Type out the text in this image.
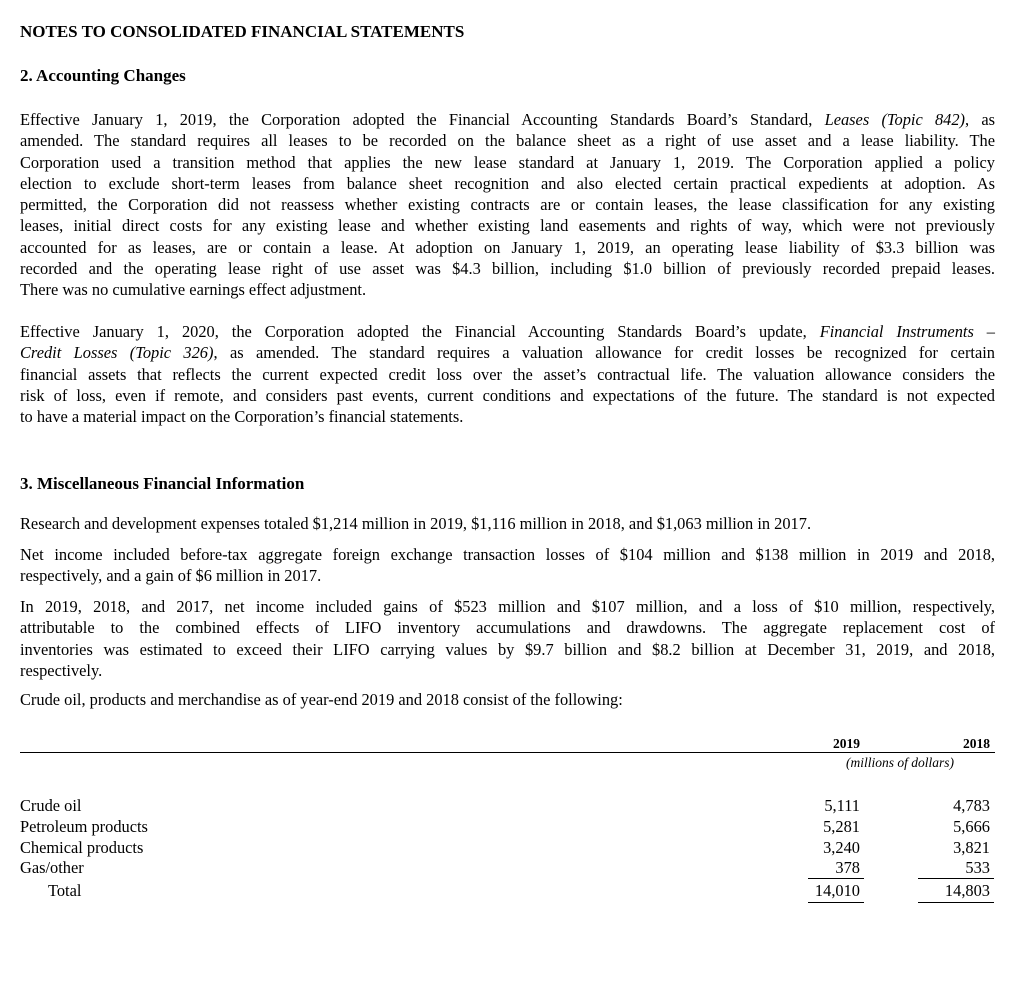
NOTES TO CONSOLIDATED FINANCIAL STATEMENTS
2. Accounting Changes
Effective January 1, 2019, the Corporation adopted the Financial Accounting Standards Board’s Standard, Leases (Topic 842), as
amended. The standard requires all leases to be recorded on the balance sheet as a right of use asset and a lease liability. The
Corporation used a transition method that applies the new lease standard at January 1, 2019. The Corporation applied a policy
election to exclude short-term leases from balance sheet recognition and also elected certain practical expedients at adoption. As
permitted, the Corporation did not reassess whether existing contracts are or contain leases, the lease classification for any existing
leases, initial direct costs for any existing lease and whether existing land easements and rights of way, which were not previously
accounted for as leases, are or contain a lease. At adoption on January 1, 2019, an operating lease liability of $3.3 billion was
recorded and the operating lease right of use asset was $4.3 billion, including $1.0 billion of previously recorded prepaid leases.
There was no cumulative earnings effect adjustment.
Effective January 1, 2020, the Corporation adopted the Financial Accounting Standards Board’s update, Financial Instruments –
Credit Losses (Topic 326), as amended. The standard requires a valuation allowance for credit losses be recognized for certain
financial assets that reflects the current expected credit loss over the asset’s contractual life. The valuation allowance considers the
risk of loss, even if remote, and considers past events, current conditions and expectations of the future. The standard is not expected
to have a material impact on the Corporation’s financial statements.
3. Miscellaneous Financial Information
Research and development expenses totaled $1,214 million in 2019, $1,116 million in 2018, and $1,063 million in 2017.
Net income included before-tax aggregate foreign exchange transaction losses of $104 million and $138 million in 2019 and 2018,
respectively, and a gain of $6 million in 2017.
In 2019, 2018, and 2017, net income included gains of $523 million and $107 million, and a loss of $10 million, respectively,
attributable to the combined effects of LIFO inventory accumulations and drawdowns. The aggregate replacement cost of
inventories was estimated to exceed their LIFO carrying values by $9.7 billion and $8.2 billion at December 31, 2019, and 2018,
respectively.
Crude oil, products and merchandise as of year-end 2019 and 2018 consist of the following:
2019	2018
(millions of dollars)
Crude oil	5,111	4,783
Petroleum products	5,281	5,666
Chemical products	3,240	3,821
Gas/other	378	533
Total	14,010	14,803
